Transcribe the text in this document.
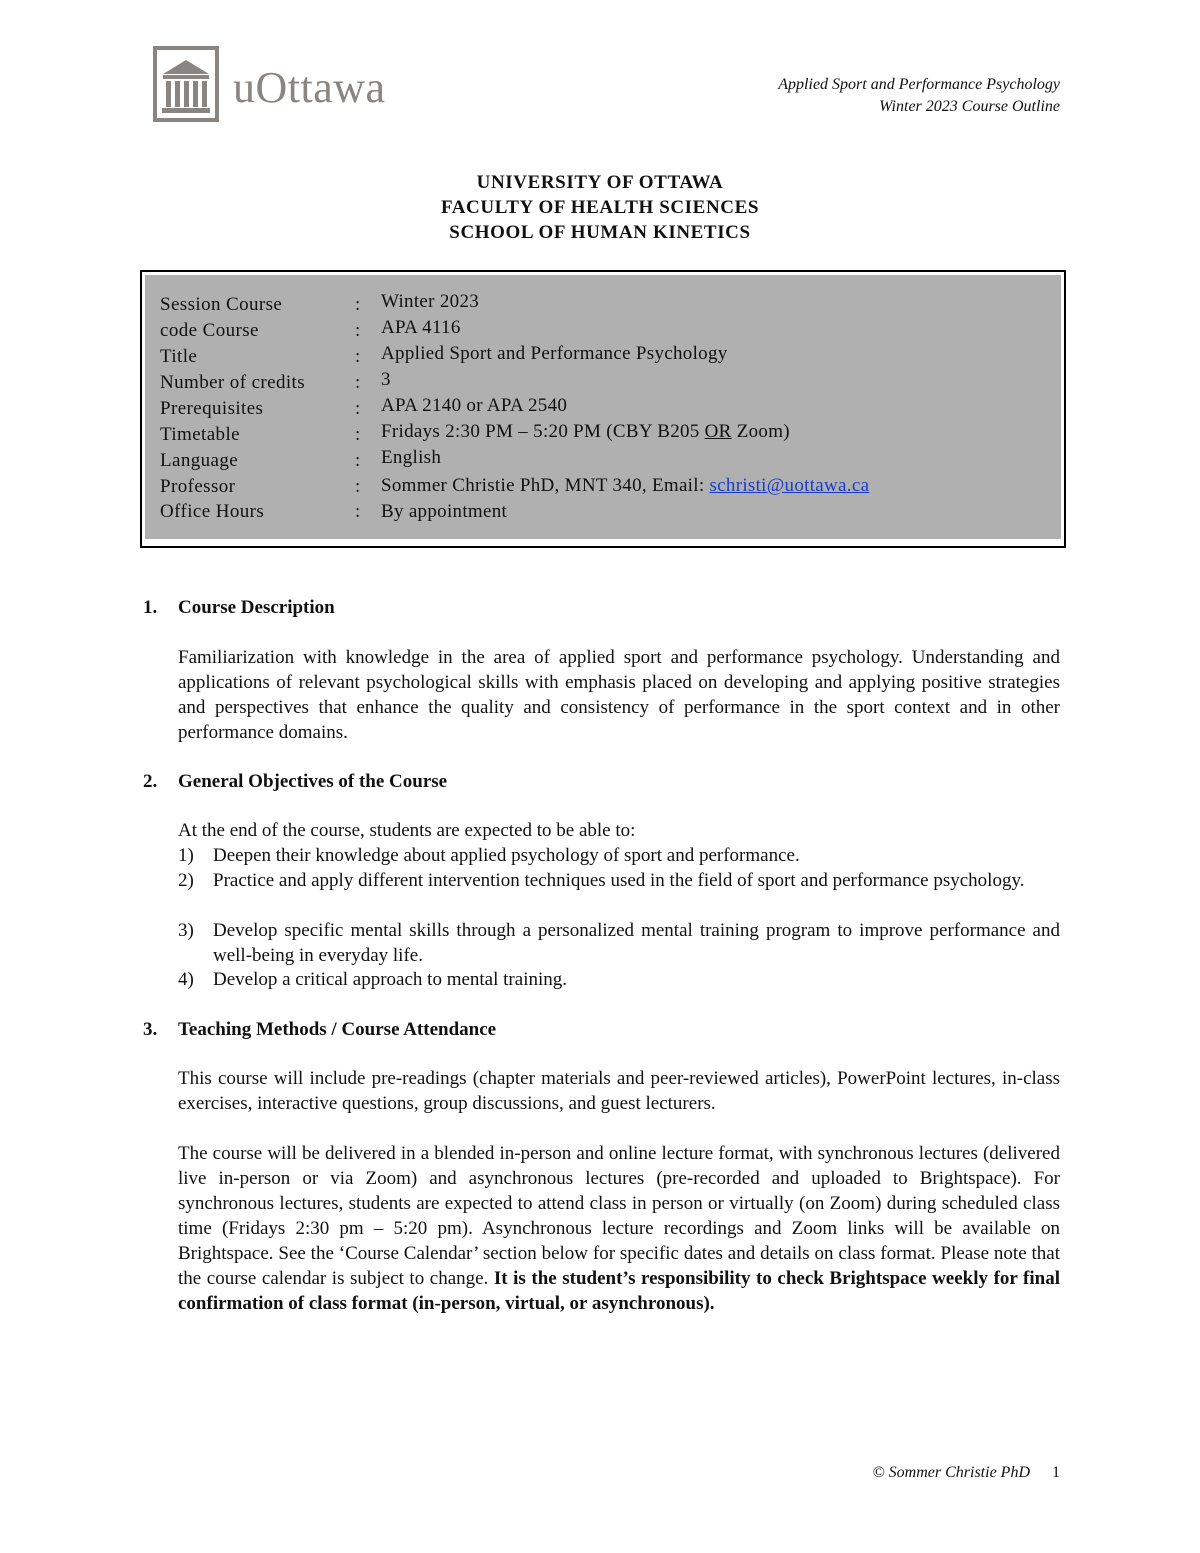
uOttawa	Applied Sport and Performance Psychology
Winter 2023 Course Outline
UNIVERSITY OF OTTAWA
FACULTY OF HEALTH SCIENCES
SCHOOL OF HUMAN KINETICS
Session Course	: Winter 2023
code Course	: APA 4116
Title	: Applied Sport and Performance Psychology
Number of credits	: 3
Prerequisites	: APA 2140 or APA 2540
Timetable	: Fridays 2:30 PM – 5:20 PM (CBY B205 OR Zoom)
Language	: English
Professor	: Sommer Christie PhD, MNT 340, Email: schristi@uottawa.ca
Office Hours	: By appointment
1. Course Description
Familiarization with knowledge in the area of applied sport and performance psychology. Understanding and applications of relevant psychological skills with emphasis placed on developing and applying positive strategies and perspectives that enhance the quality and consistency of performance in the sport context and in other performance domains.
2. General Objectives of the Course
At the end of the course, students are expected to be able to:
1) Deepen their knowledge about applied psychology of sport and performance.
2) Practice and apply different intervention techniques used in the field of sport and performance psychology.
3) Develop specific mental skills through a personalized mental training program to improve performance and well-being in everyday life.
4) Develop a critical approach to mental training.
3. Teaching Methods / Course Attendance
This course will include pre-readings (chapter materials and peer-reviewed articles), PowerPoint lectures, in-class exercises, interactive questions, group discussions, and guest lecturers.
The course will be delivered in a blended in-person and online lecture format, with synchronous lectures (delivered live in-person or via Zoom) and asynchronous lectures (pre-recorded and uploaded to Brightspace). For synchronous lectures, students are expected to attend class in person or virtually (on Zoom) during scheduled class time (Fridays 2:30 pm – 5:20 pm). Asynchronous lecture recordings and Zoom links will be available on Brightspace. See the ‘Course Calendar’ section below for specific dates and details on class format. Please note that the course calendar is subject to change. It is the student’s responsibility to check Brightspace weekly for final confirmation of class format (in-person, virtual, or asynchronous).
© Sommer Christie PhD 1
